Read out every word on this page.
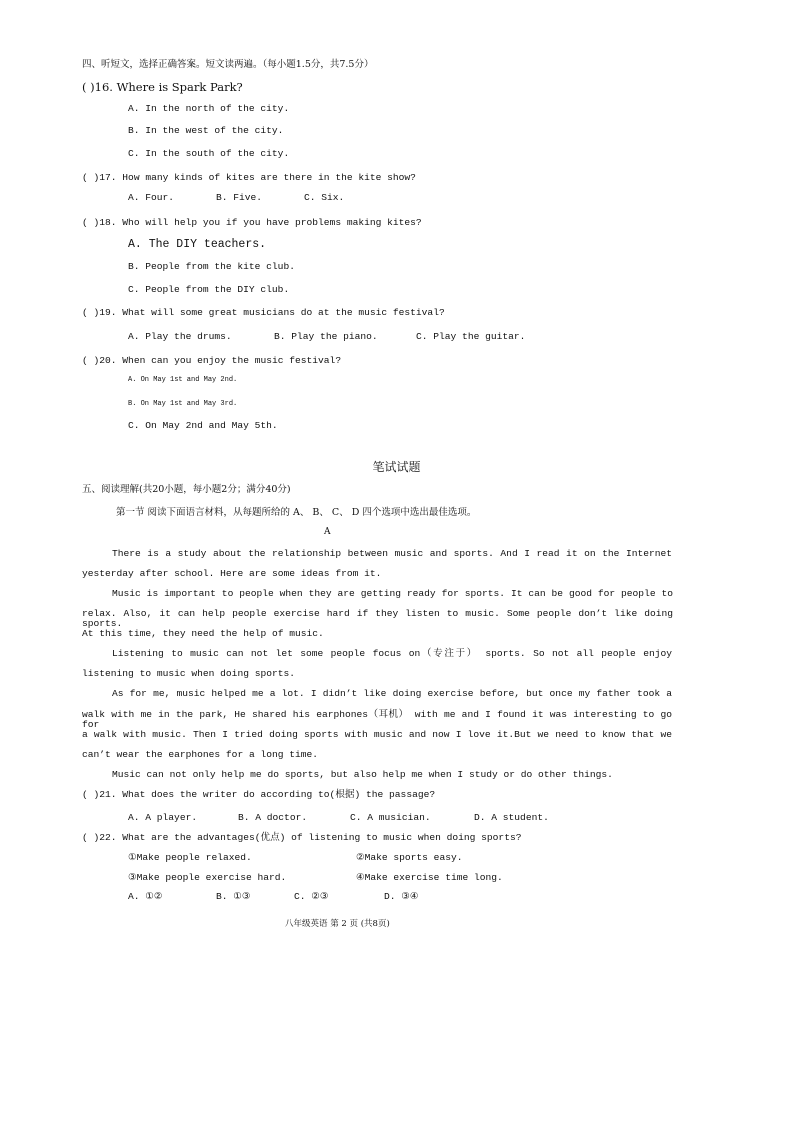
四、听短文，选择正确答案。短文读两遍。（每小题1.5分，共7.5分）
( )16. Where is Spark Park?
A. In the north of the city.
B. In the west of the city.
C. In the south of the city.
( )17. How many kinds of kites are there in the kite show?
A. Four.	B. Five.	C. Six.
( )18. Who will help you if you have problems making kites?
A. The DIY teachers.
B. People from the kite club.
C. People from the DIY club.
( )19. What will some great musicians do at the music festival?
A. Play the drums.	B. Play the piano.	C. Play the guitar.
( )20. When can you enjoy the music festival?
A. On May 1st and May 2nd.
B. On May 1st and May 3rd.
C. On May 2nd and May 5th.
笔试试题
五、阅读理解(共20小题，每小题2分；满分40分)
第一节 阅读下面语言材料，从每题所给的 A、 B、 C、 D 四个选项中选出最佳选项。
A
There is a study about the relationship between music and sports. And I read it on the Internet
yesterday after school. Here are some ideas from it.
Music is important to people when they are getting ready for sports. It can be good for people to
relax. Also, it can help people exercise hard if they listen to music. Some people don’t like doing sports.
At this time, they need the help of music.
Listening to music can not let some people focus on（专注于） sports. So not all people enjoy
listening to music when doing sports.
As for me, music helped me a lot. I didn’t like doing exercise before, but once my father took a
walk with me in the park, He shared his earphones（耳机） with me and I found it was interesting to go for
a walk with music. Then I tried doing sports with music and now I love it.But we need to know that we
can’t wear the earphones for a long time.
Music can not only help me do sports, but also help me when I study or do other things.
( )21. What does the writer do according to(根据) the passage?
A. A player.	B. A doctor.	C. A musician.	D. A student.
( )22. What are the advantages(优点) of listening to music when doing sports?
①Make people relaxed.	②Make sports easy.
③Make people exercise hard.	④Make exercise time long.
A. ①②	B. ①③	C. ②③	D. ③④
八年级英语 第 2 页 (共8页)
